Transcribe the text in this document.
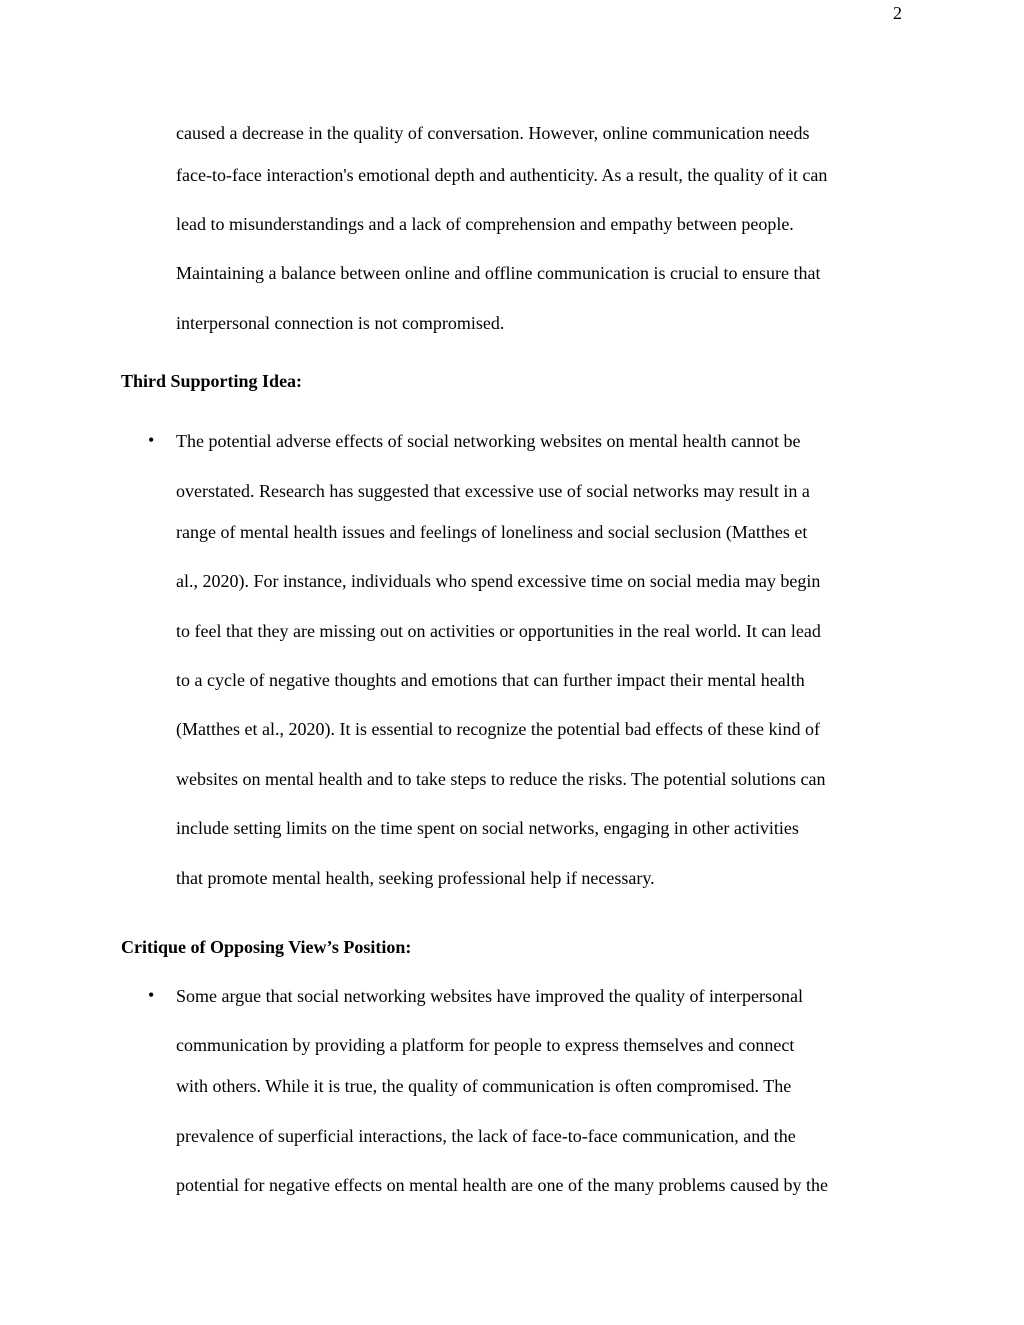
2
caused a decrease in the quality of conversation. However, online communication needs
face-to-face interaction's emotional depth and authenticity. As a result, the quality of it can
lead to misunderstandings and a lack of comprehension and empathy between people.
Maintaining a balance between online and offline communication is crucial to ensure that
interpersonal connection is not compromised.
Third Supporting Idea:
• The potential adverse effects of social networking websites on mental health cannot be
overstated. Research has suggested that excessive use of social networks may result in a
range of mental health issues and feelings of loneliness and social seclusion (Matthes et
al., 2020). For instance, individuals who spend excessive time on social media may begin
to feel that they are missing out on activities or opportunities in the real world. It can lead
to a cycle of negative thoughts and emotions that can further impact their mental health
(Matthes et al., 2020). It is essential to recognize the potential bad effects of these kind of
websites on mental health and to take steps to reduce the risks. The potential solutions can
include setting limits on the time spent on social networks, engaging in other activities
that promote mental health, seeking professional help if necessary.
Critique of Opposing View’s Position:
• Some argue that social networking websites have improved the quality of interpersonal
communication by providing a platform for people to express themselves and connect
with others. While it is true, the quality of communication is often compromised. The
prevalence of superficial interactions, the lack of face-to-face communication, and the
potential for negative effects on mental health are one of the many problems caused by the
